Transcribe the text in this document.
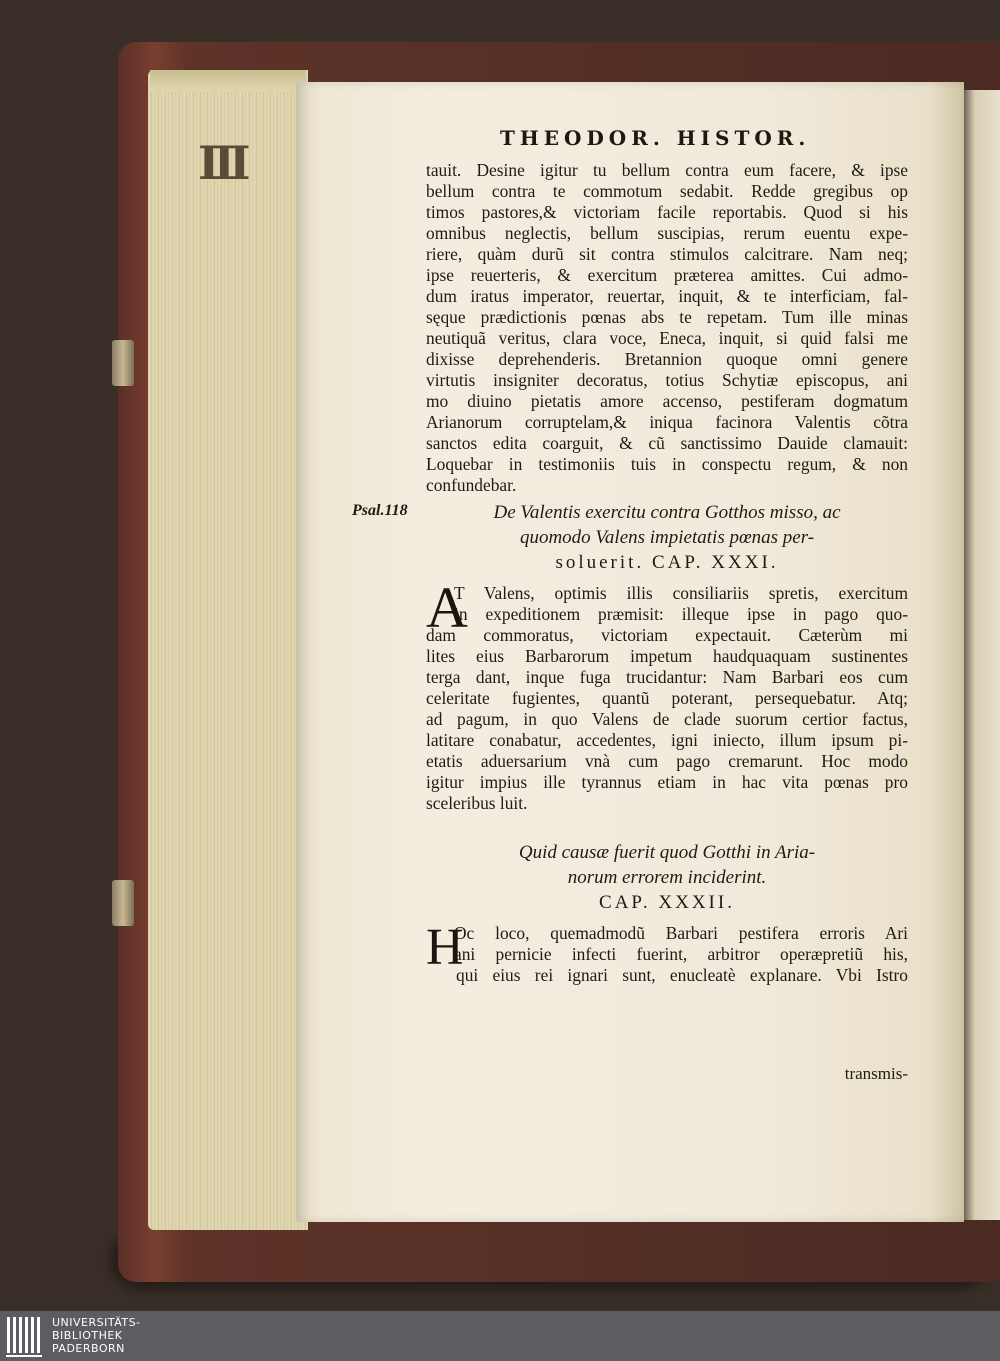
III	THEODOR. HISTOR.
Psal.118
tauit. Desine igitur tu bellum contra eum facere, & ipse
bellum contra te commotum sedabit. Redde gregibus op
timos pastores,& victoriam facile reportabis. Quod si his
omnibus neglectis, bellum suscipias, rerum euentu expe-
riere, quàm durũ sit contra stimulos calcitrare. Nam neq;
ipse reuerteris, & exercitum præterea amittes. Cui admo-
dum iratus imperator, reuertar, inquit, & te interficiam, fal-
sęque prædictionis pœnas abs te repetam. Tum ille minas
neutiquã veritus, clara voce, Eneca, inquit, si quid falsi me
dixisse deprehenderis. Bretannion quoque omni genere
virtutis insigniter decoratus, totius Schytiæ episcopus, ani
mo diuino pietatis amore accenso, pestiferam dogmatum
Arianorum corruptelam,& iniqua facinora Valentis cõtra
sanctos edita coarguit, & cũ sanctissimo Dauide clamauit:
Loquebar in testimoniis tuis in conspectu regum, & non
confundebar.
De Valentis exercitu contra Gotthos misso, ac
quomodo Valens impietatis pœnas per-
soluerit. CAP. XXXI.
A
T Valens, optimis illis consiliariis spretis, exercitum
in expeditionem præmisit: illeque ipse in pago quo-
dam commoratus, victoriam expectauit. Cæterùm mi
lites eius Barbarorum impetum haudquaquam sustinentes
terga dant, inque fuga trucidantur: Nam Barbari eos cum
celeritate fugientes, quantũ poterant, persequebatur. Atq;
ad pagum, in quo Valens de clade suorum certior factus,
latitare conabatur, accedentes, igni iniecto, illum ipsum pi-
etatis aduersarium vnà cum pago cremarunt. Hoc modo
igitur impius ille tyrannus etiam in hac vita pœnas pro
sceleribus luit.
Quid causæ fuerit quod Gotthi in Aria-
norum errorem inciderint.
CAP. XXXII.
H
Oc loco, quemadmodũ Barbari pestifera erroris Ari
ani pernicie infecti fuerint, arbitror operæpretiũ his,
qui eius rei ignari sunt, enucleatè explanare. Vbi Istro
transmis-
UNIVERSITÄTS-
BIBLIOTHEK
PADERBORN
